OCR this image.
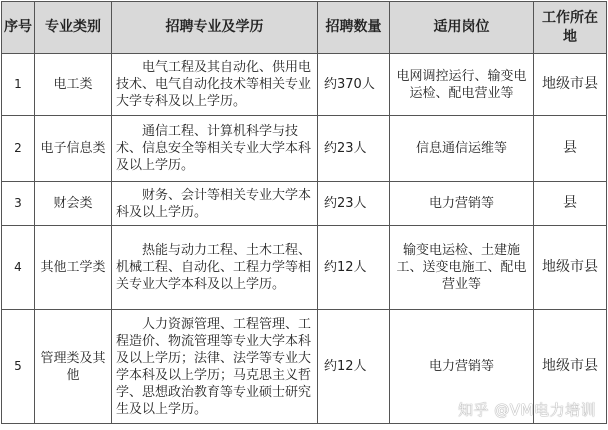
序号	专业类别	招聘专业及学历	招聘数量	适用岗位	工作所在地
1	电工类	电气工程及其自动化、供用电技术、电气自动化技术等相关专业大学专科及以上学历。	约370人	电网调控运行、输变电运检、配电营业等	地级市县
2	电子信息类	通信工程、计算机科学与技术、信息安全等相关专业大学本科及以上学历。	约23人	信息通信运维等	县
3	财会类	财务、会计等相关专业大学本科及以上学历。	约23人	电力营销等	县
4	其他工学类	热能与动力工程、土木工程、机械工程、自动化、工程力学等相关专业大学本科及以上学历。	约12人	输变电运检、土建施工、送变电施工、配电营业等	地级市县
5	管理类及其他	人力资源管理、工程管理、工程造价、物流管理等专业大学本科及以上学历；法律、法学等专业大学本科及以上学历；马克思主义哲学、思想政治教育等专业硕士研究生及以上学历。	约12人	电力营销等	地级市县
知乎 @VM电力培训
